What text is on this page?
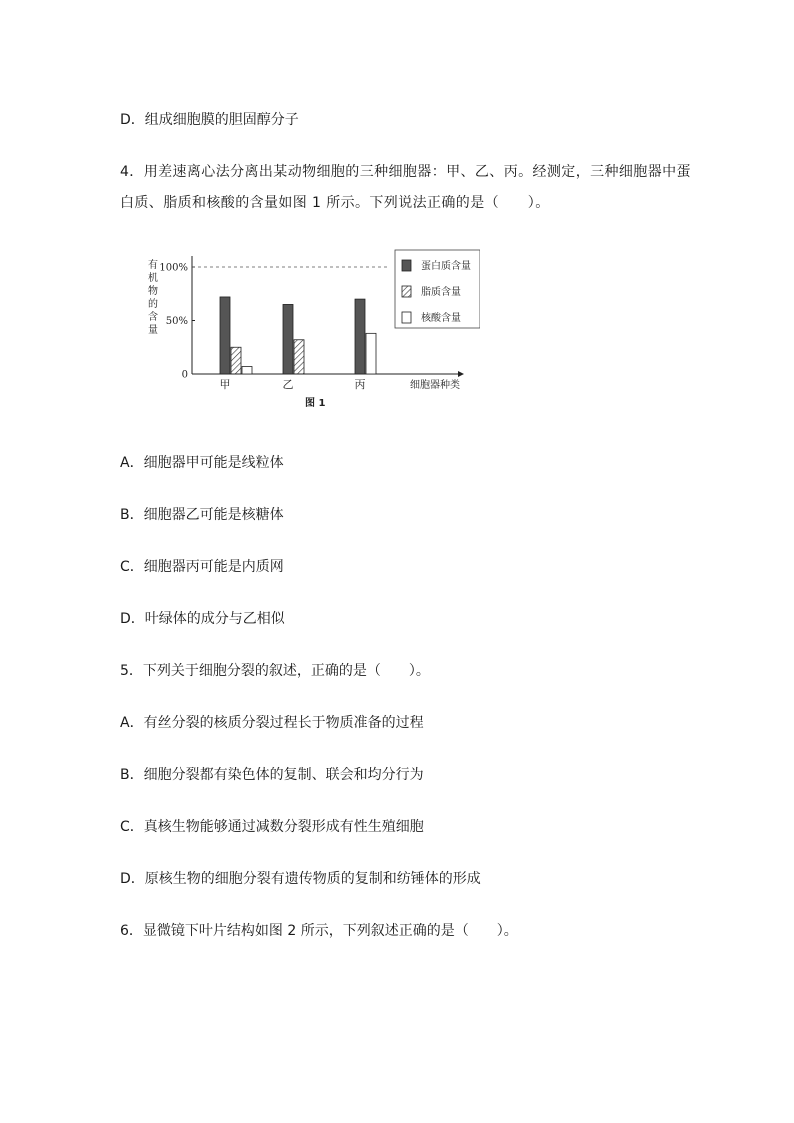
D．组成细胞膜的胆固醇分子
4．用差速离心法分离出某动物细胞的三种细胞器：甲、乙、丙。经测定，三种细胞器中蛋
白质、脂质和核酸的含量如图 1 所示。下列说法正确的是（　　）。
有
机
物
的
含
量
100%
50%
0
甲	乙	丙	细胞器种类
蛋白质含量
脂质含量
核酸含量
图 1
A．细胞器甲可能是线粒体
B．细胞器乙可能是核糖体
C．细胞器丙可能是内质网
D．叶绿体的成分与乙相似
5．下列关于细胞分裂的叙述，正确的是（　　）。
A．有丝分裂的核质分裂过程长于物质准备的过程
B．细胞分裂都有染色体的复制、联会和均分行为
C．真核生物能够通过减数分裂形成有性生殖细胞
D．原核生物的细胞分裂有遗传物质的复制和纺锤体的形成
6．显微镜下叶片结构如图 2 所示，下列叙述正确的是（　　）。
